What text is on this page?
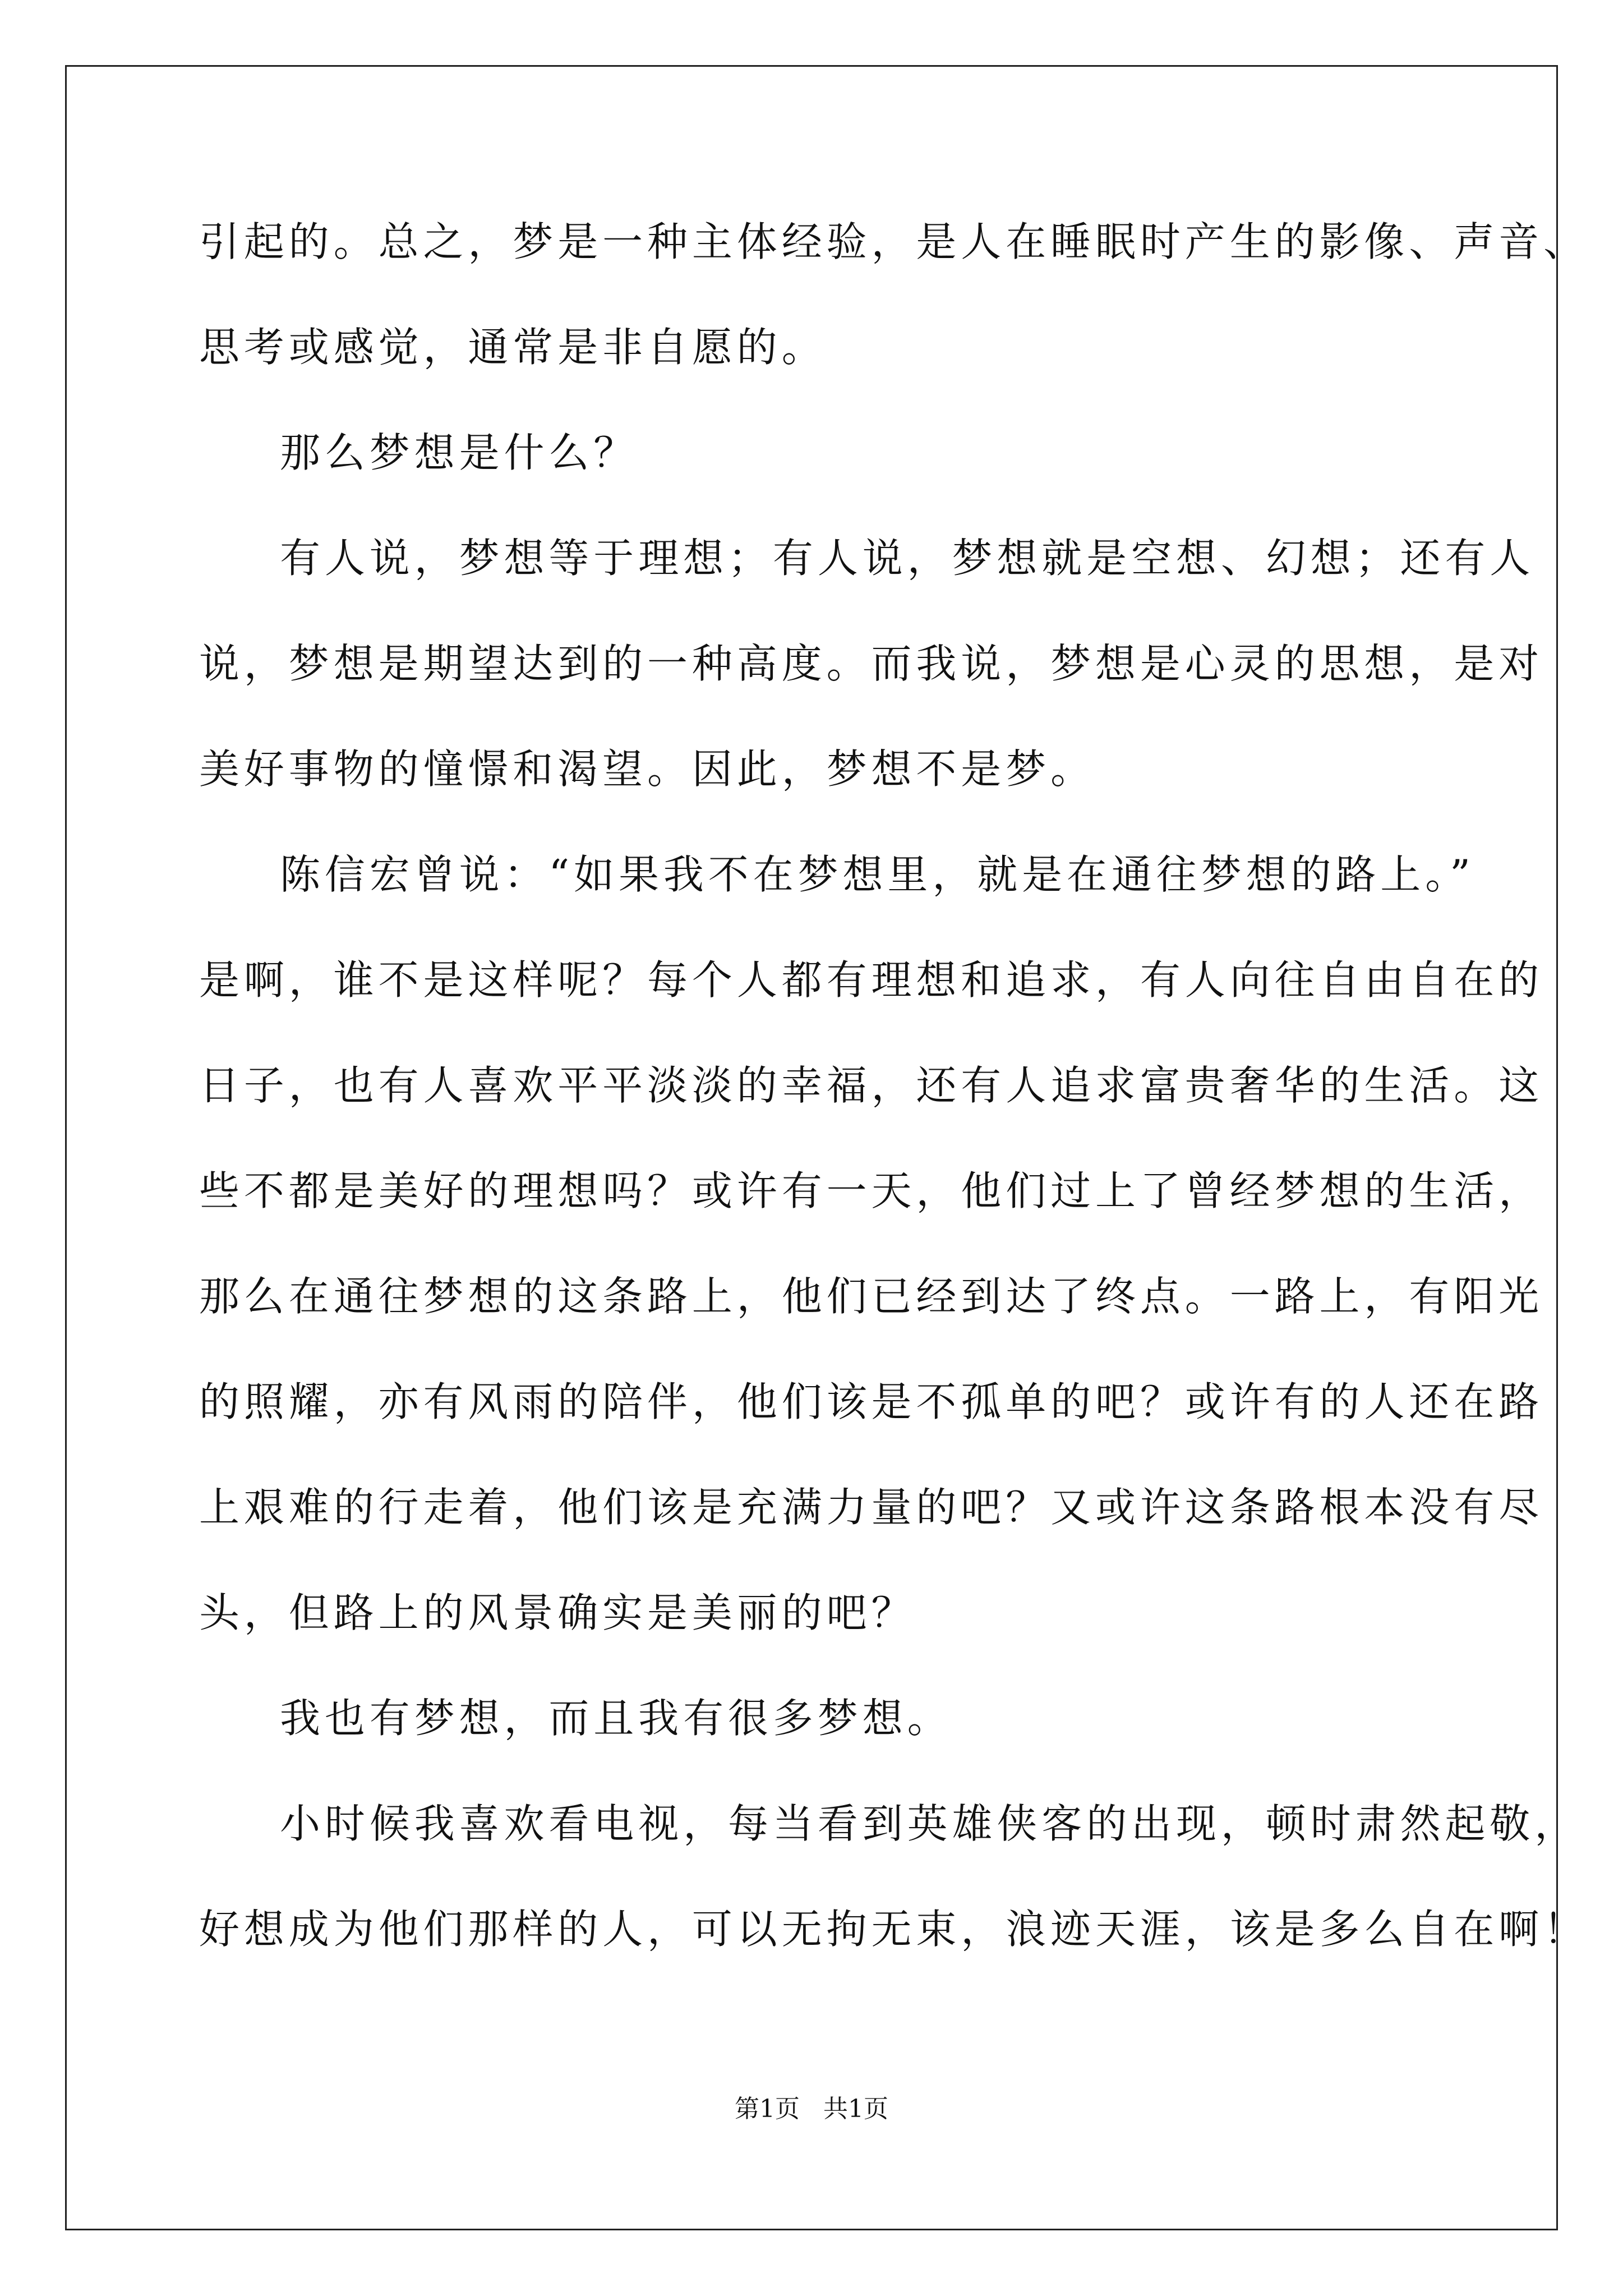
引起的。总之，梦是一种主体经验，是人在睡眠时产生的影像、声音、
思考或感觉，通常是非自愿的。
那么梦想是什么？
有人说，梦想等于理想；有人说，梦想就是空想、幻想；还有人
说，梦想是期望达到的一种高度。而我说，梦想是心灵的思想，是对
美好事物的憧憬和渴望。因此，梦想不是梦。
陈信宏曾说：“如果我不在梦想里，就是在通往梦想的路上。”
是啊，谁不是这样呢？每个人都有理想和追求，有人向往自由自在的
日子，也有人喜欢平平淡淡的幸福，还有人追求富贵奢华的生活。这
些不都是美好的理想吗？或许有一天，他们过上了曾经梦想的生活，
那么在通往梦想的这条路上，他们已经到达了终点。一路上，有阳光
的照耀，亦有风雨的陪伴，他们该是不孤单的吧？或许有的人还在路
上艰难的行走着，他们该是充满力量的吧？又或许这条路根本没有尽
头，但路上的风景确实是美丽的吧？
我也有梦想，而且我有很多梦想。
小时候我喜欢看电视，每当看到英雄侠客的出现，顿时肃然起敬，
好想成为他们那样的人，可以无拘无束，浪迹天涯，该是多么自在啊！
第1页   共1页
